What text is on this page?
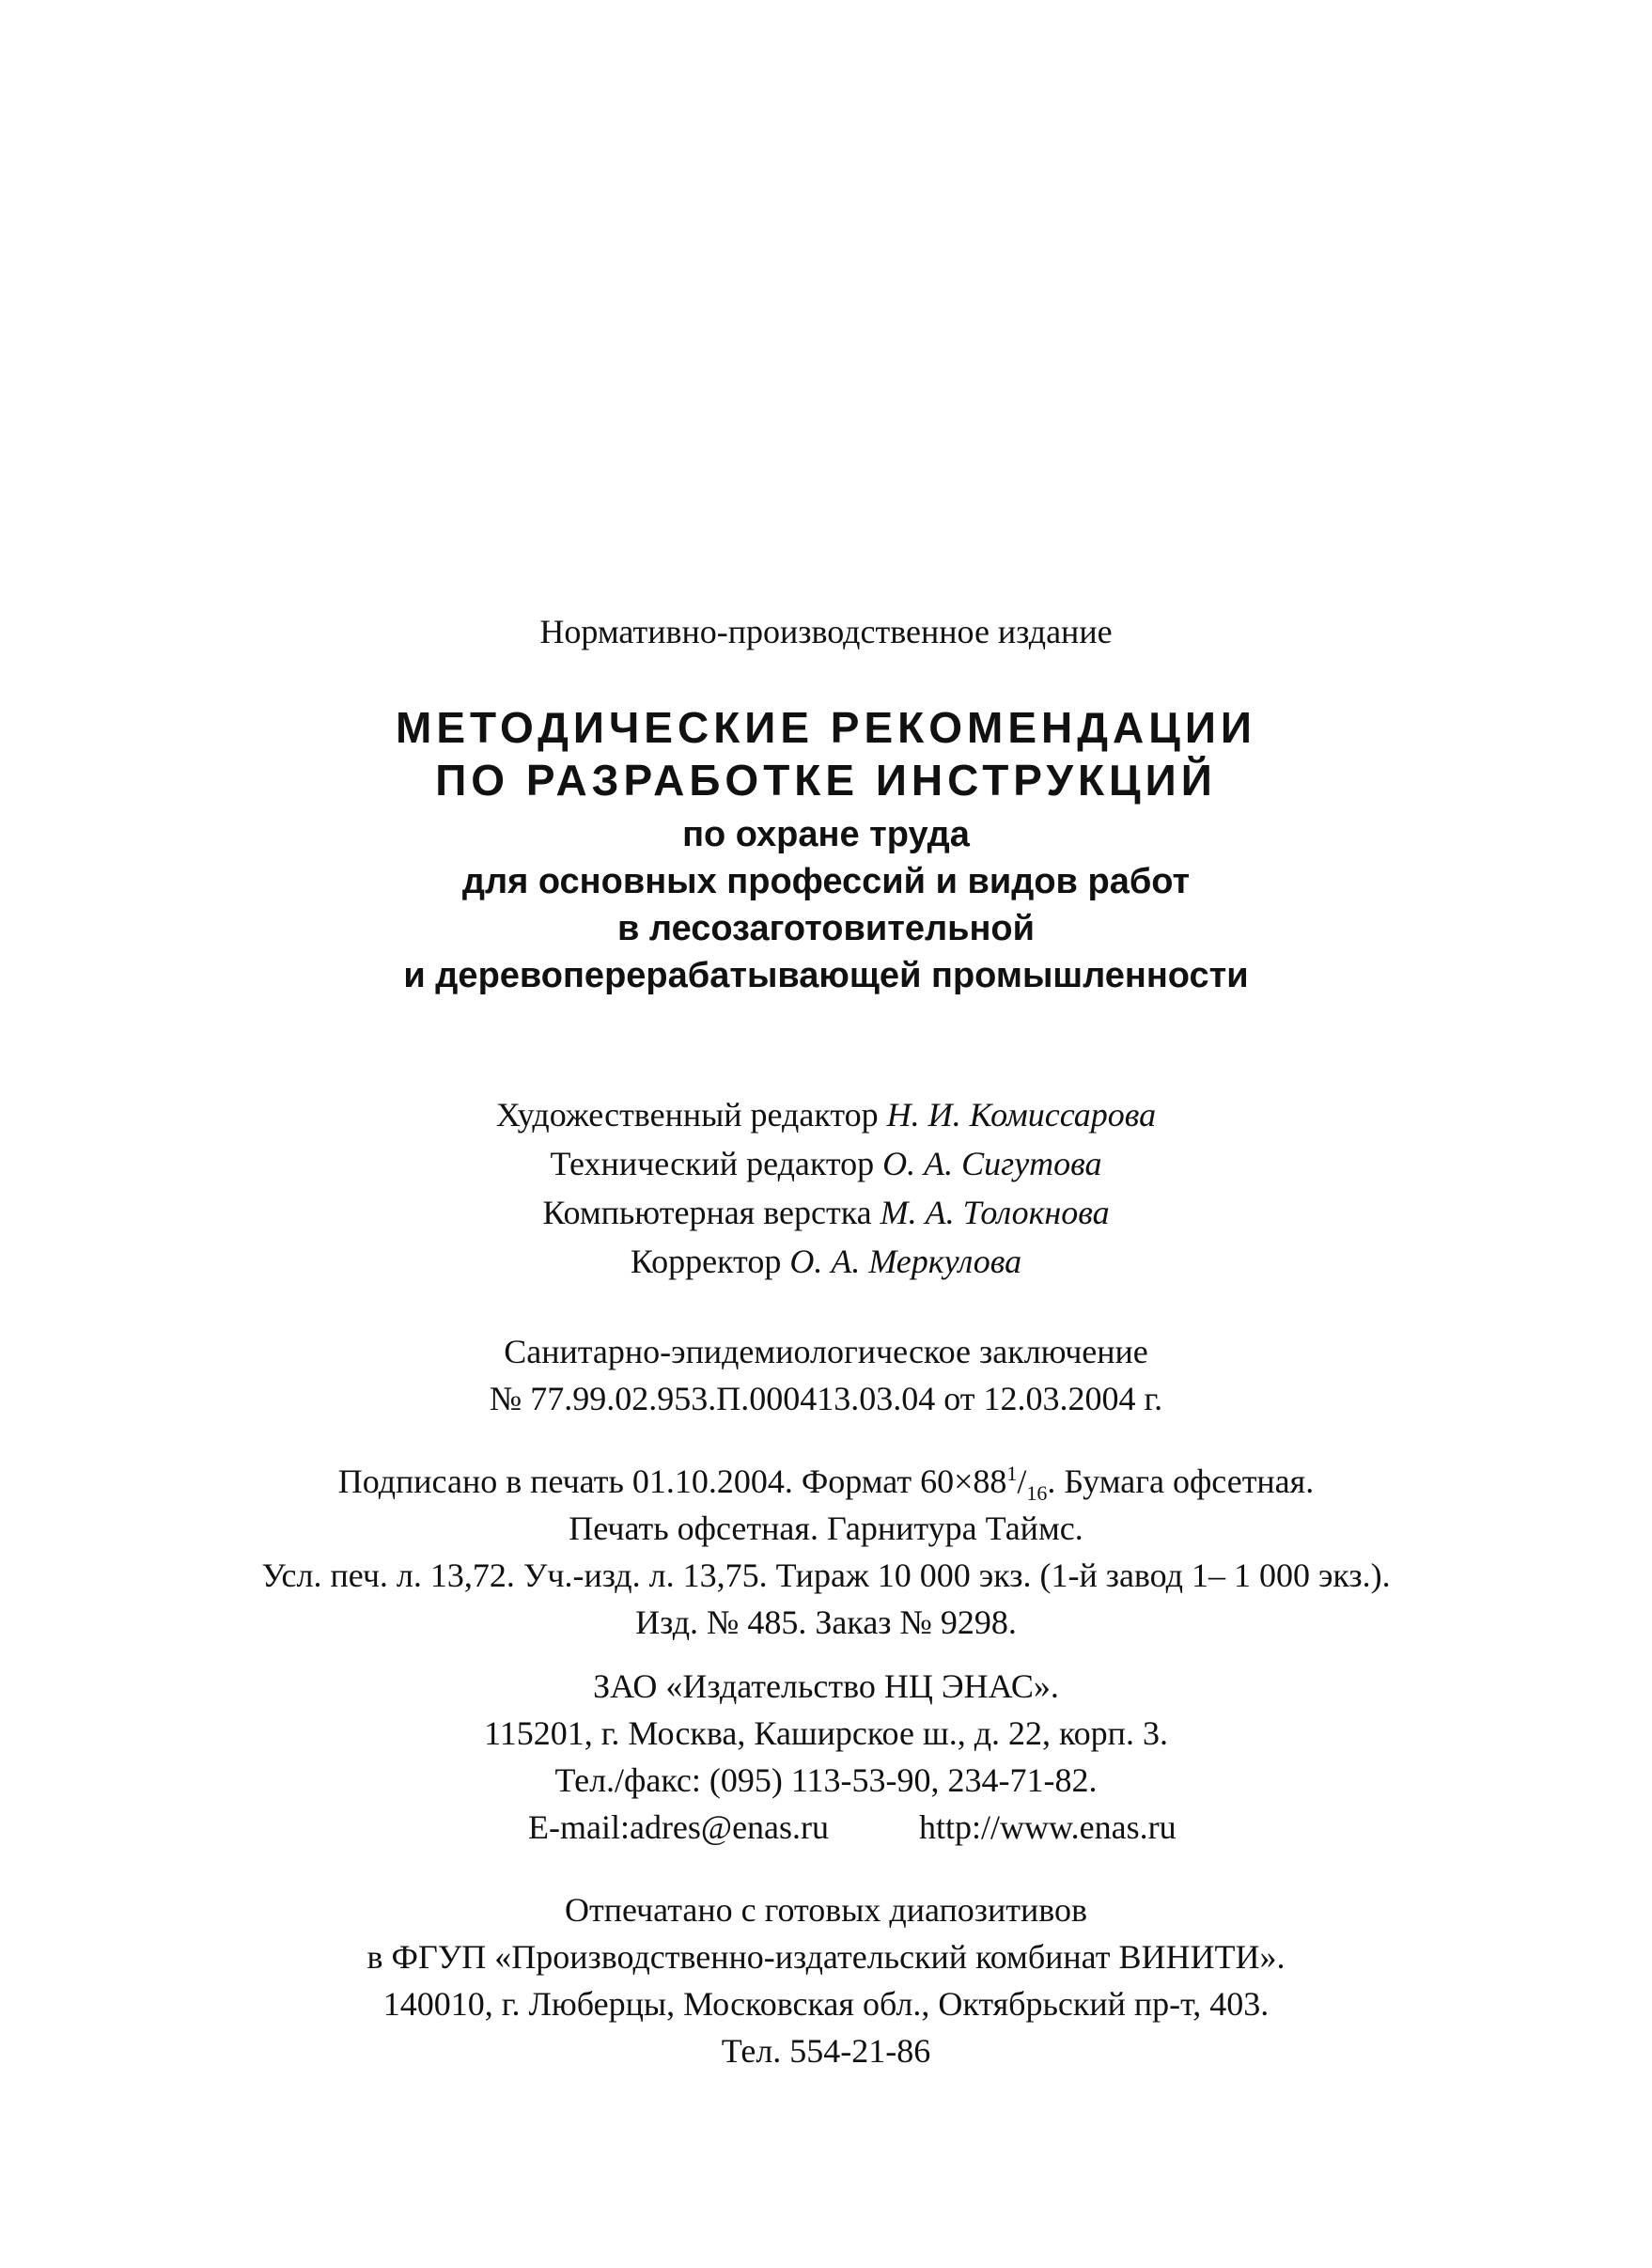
Нормативно-производственное издание
МЕТОДИЧЕСКИЕ РЕКОМЕНДАЦИИ
ПО РАЗРАБОТКЕ ИНСТРУКЦИЙ
по охране труда
для основных профессий и видов работ
в лесозаготовительной
и деревоперерабатывающей промышленности
Художественный редактор Н. И. Комиссарова
Технический редактор О. А. Сигутова
Компьютерная верстка М. А. Толокнова
Корректор О. А. Меркулова
Санитарно-эпидемиологическое заключение
№ 77.99.02.953.П.000413.03.04 от 12.03.2004 г.
Подписано в печать 01.10.2004. Формат $60\times 88^1/_{16}$. Бумага офсетная.
Печать офсетная. Гарнитура Таймс.
Усл. печ. л. 13,72. Уч.-изд. л. 13,75. Тираж 10 000 экз. (1-й завод 1– 1 000 экз.).
Изд. № 485. Заказ № 9298.
ЗАО «Издательство НЦ ЭНАС».
115201, г. Москва, Каширское ш., д. 22, корп. 3.
Тел./факс: (095) 113-53-90, 234-71-82.
E-mail:adres@enas.ru	http://www.enas.ru
Отпечатано с готовых диапозитивов
в ФГУП «Производственно-издательский комбинат ВИНИТИ».
140010, г. Люберцы, Московская обл., Октябрьский пр-т, 403.
Тел. 554-21-86
